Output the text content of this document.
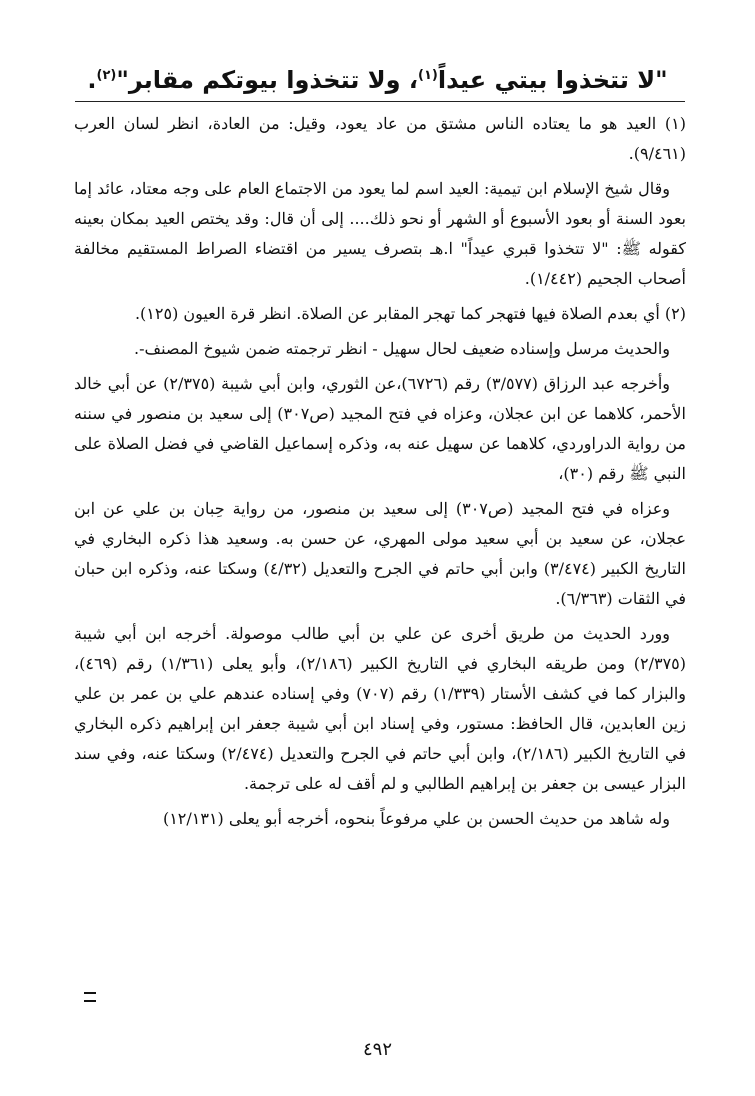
"لا تتخذوا بيتي عيداً$^{(١)}$، ولا تتخذوا بيوتكم مقابر"$^{(٢)}$.

(١) العيد هو ما يعتاده الناس مشتق من عاد يعود، وقيل: من العادة، انظر لسان العرب (٩/٤٦١).

وقال شيخ الإسلام ابن تيمية: العيد اسم لما يعود من الاجتماع العام على وجه معتاد، عائد إما بعود السنة أو بعود الأسبوع أو الشهر أو نحو ذلك.... إلى أن قال: وقد يختص العيد بمكان بعينه كقوله ﷺ: "لا تتخذوا قبري عيداً" ا.هـ بتصرف يسير من اقتضاء الصراط المستقيم مخالفة أصحاب الجحيم (١/٤٤٢).

(٢) أي بعدم الصلاة فيها فتهجر كما تهجر المقابر عن الصلاة. انظر قرة العيون (١٢٥).

والحديث مرسل وإسناده ضعيف لحال سهيل - انظر ترجمته ضمن شيوخ المصنف-.

وأخرجه عبد الرزاق (٣/٥٧٧) رقم (٦٧٢٦)،عن الثوري، وابن أبي شيبة (٢/٣٧٥) عن أبي خالد الأحمر، كلاهما عن ابن عجلان، وعزاه في فتح المجيد (ص٣٠٧) إلى سعيد بن منصور في سننه من رواية الدراوردي، كلاهما عن سهيل عنه به، وذكره إسماعيل القاضي في فضل الصلاة على النبي ﷺ رقم (٣٠)،

وعزاه في فتح المجيد (ص٣٠٧) إلى سعيد بن منصور، من رواية حِبان بن علي عن ابن عجلان، عن سعيد بن أبي سعيد مولى المهري، عن حسن به. وسعيد هذا ذكره البخاري في التاريخ الكبير (٣/٤٧٤) وابن أبي حاتم في الجرح والتعديل (٤/٣٢) وسكتا عنه، وذكره ابن حبان في الثقات (٦/٣٦٣).

وورد الحديث من طريق أخرى عن علي بن أبي طالب موصولة. أخرجه ابن أبي شيبة (٢/٣٧٥) ومن طريقه البخاري في التاريخ الكبير (٢/١٨٦)، وأبو يعلى (١/٣٦١) رقم (٤٦٩)، والبزار كما في كشف الأستار (١/٣٣٩) رقم (٧٠٧) وفي إسناده عندهم علي بن عمر بن علي زين العابدين، قال الحافظ: مستور، وفي إسناد ابن أبي شيبة جعفر ابن إبراهيم ذكره البخاري في التاريخ الكبير (٢/١٨٦)، وابن أبي حاتم في الجرح والتعديل (٢/٤٧٤) وسكتا عنه، وفي سند البزار عيسى بن جعفر بن إبراهيم الطالبي و لم أقف له على ترجمة.

وله شاهد من حديث الحسن بن علي مرفوعاً بنحوه، أخرجه أبو يعلى (١٢/١٣١)

٤٩٢
